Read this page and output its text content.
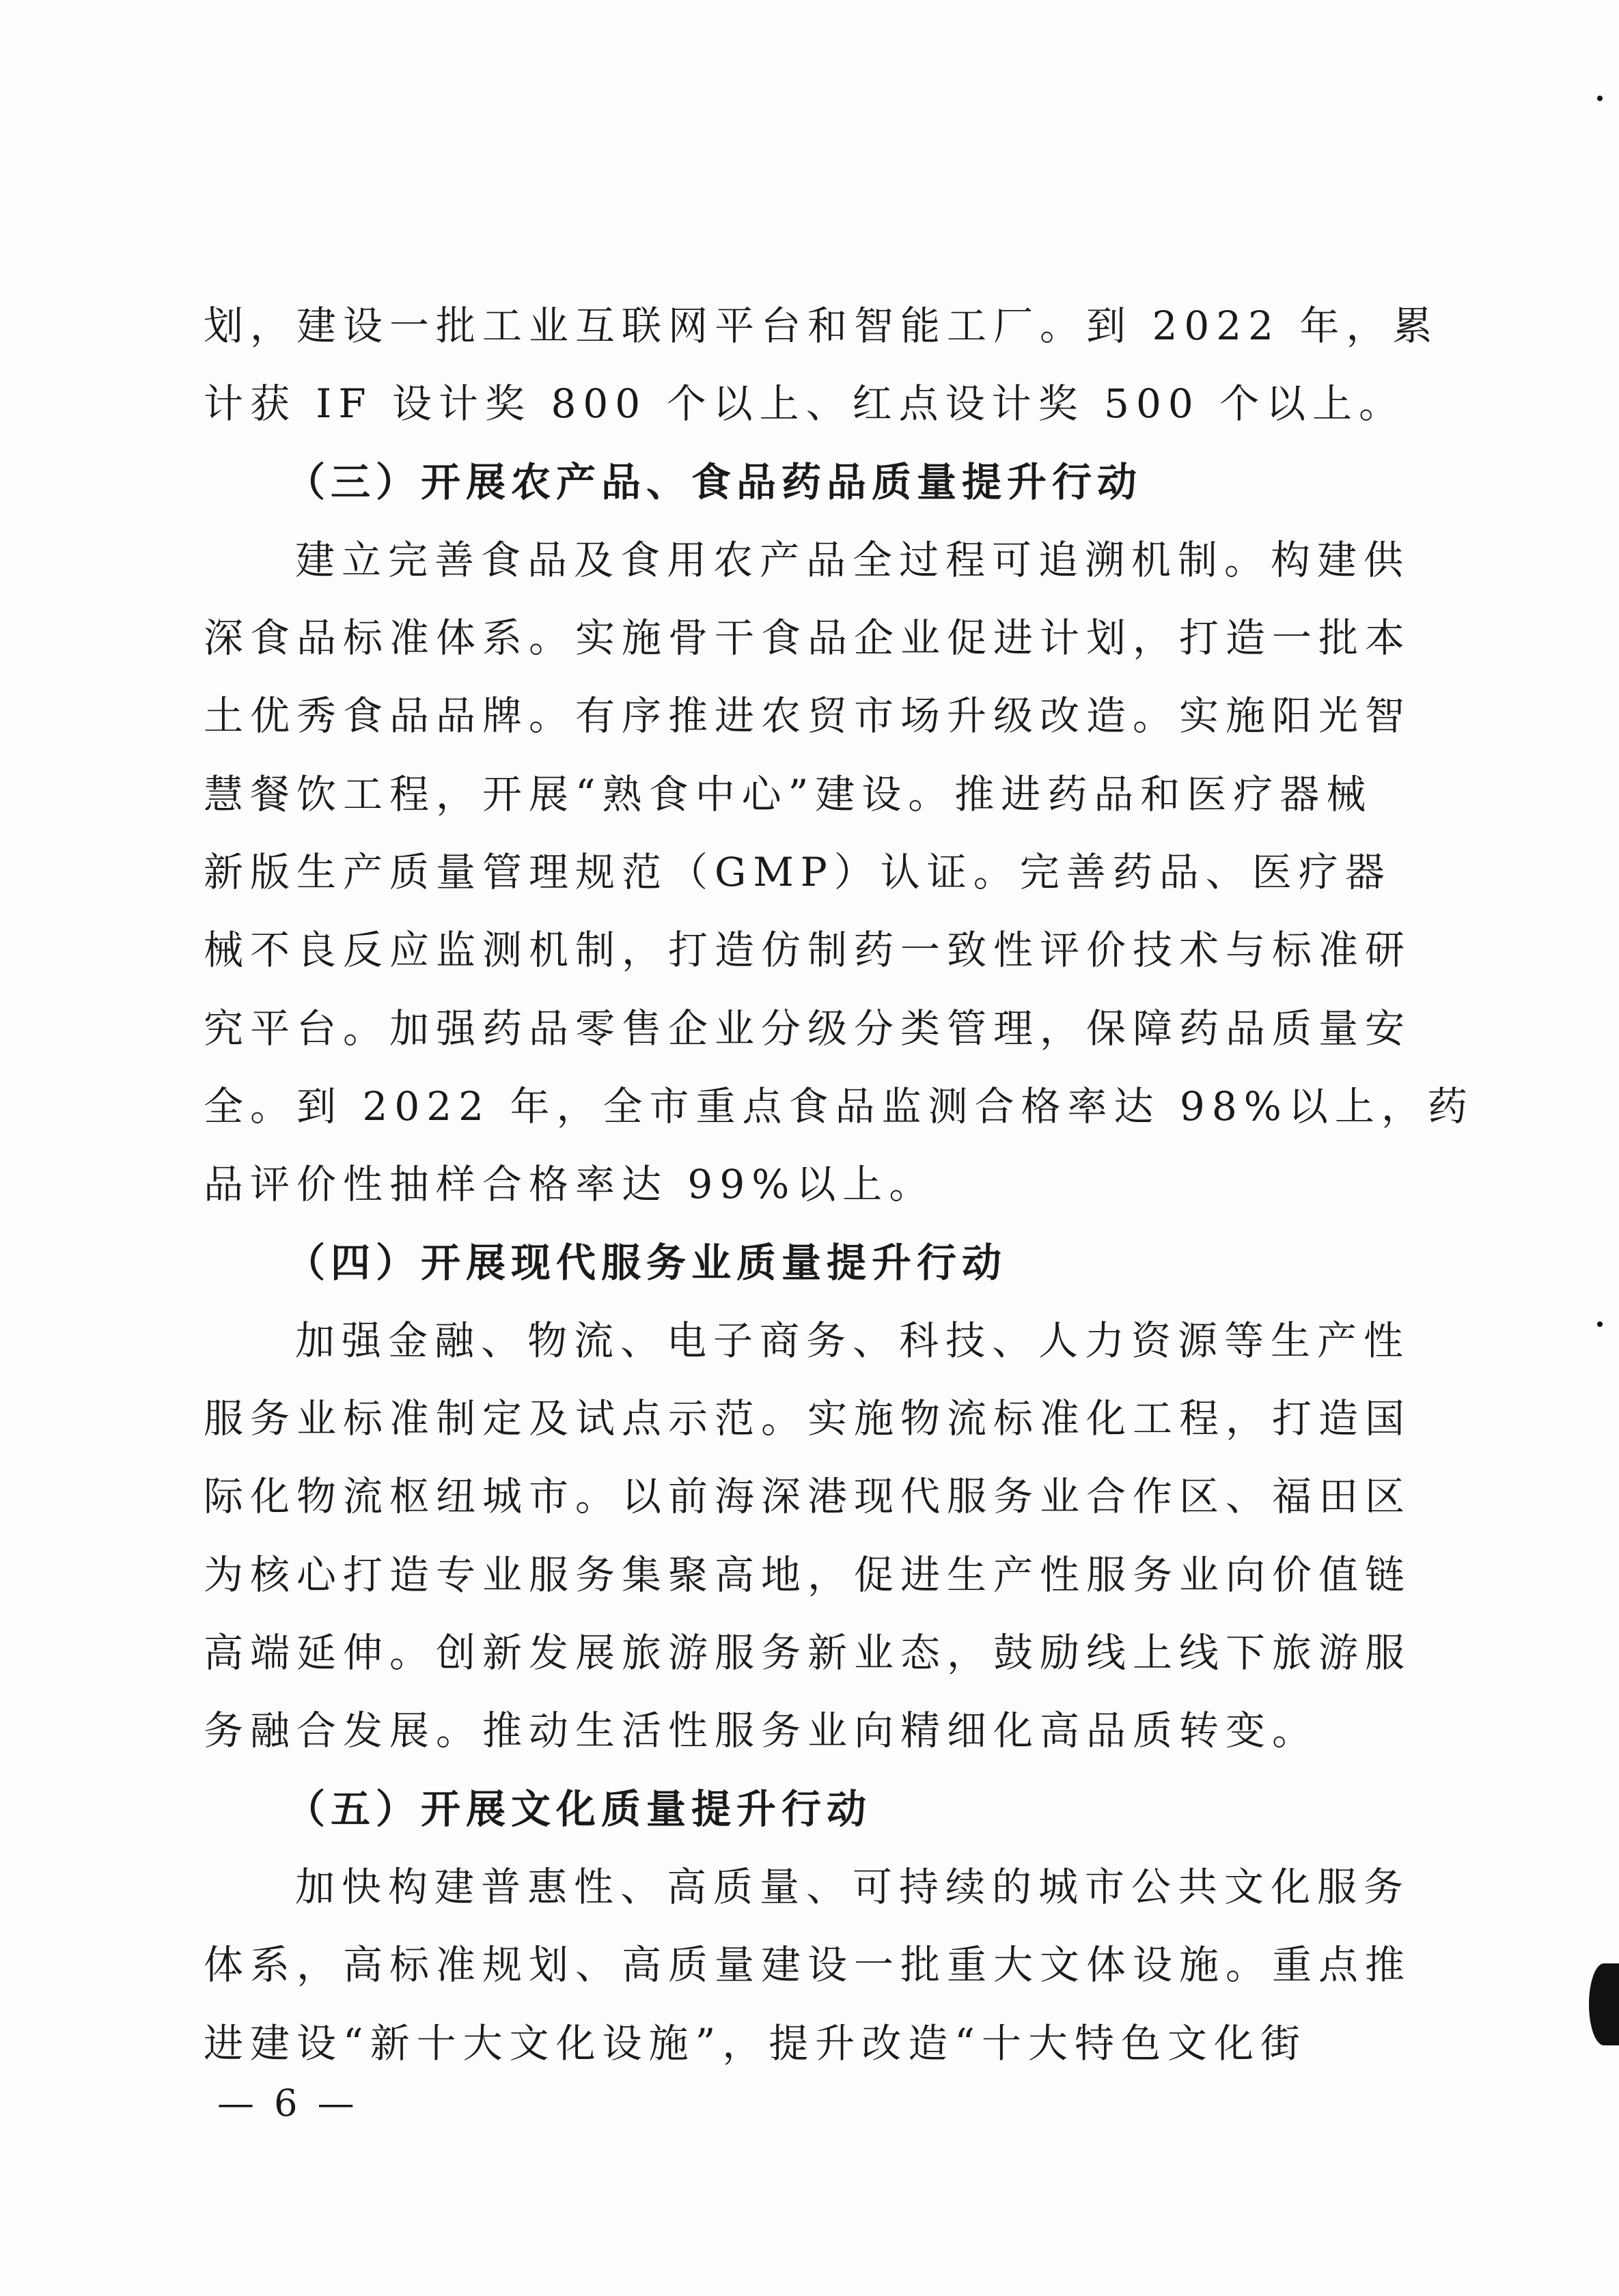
划，建设一批工业互联网平台和智能工厂。到 2022 年，累
计获 IF 设计奖 800 个以上、红点设计奖 500 个以上。
（三）开展农产品、食品药品质量提升行动
建立完善食品及食用农产品全过程可追溯机制。构建供
深食品标准体系。实施骨干食品企业促进计划，打造一批本
土优秀食品品牌。有序推进农贸市场升级改造。实施阳光智
慧餐饮工程，开展“熟食中心”建设。推进药品和医疗器械
新版生产质量管理规范（GMP）认证。完善药品、医疗器
械不良反应监测机制，打造仿制药一致性评价技术与标准研
究平台。加强药品零售企业分级分类管理，保障药品质量安
全。到 2022 年，全市重点食品监测合格率达 98%以上，药
品评价性抽样合格率达 99%以上。
（四）开展现代服务业质量提升行动
加强金融、物流、电子商务、科技、人力资源等生产性
服务业标准制定及试点示范。实施物流标准化工程，打造国
际化物流枢纽城市。以前海深港现代服务业合作区、福田区
为核心打造专业服务集聚高地，促进生产性服务业向价值链
高端延伸。创新发展旅游服务新业态，鼓励线上线下旅游服
务融合发展。推动生活性服务业向精细化高品质转变。
（五）开展文化质量提升行动
加快构建普惠性、高质量、可持续的城市公共文化服务
体系，高标准规划、高质量建设一批重大文体设施。重点推
进建设“新十大文化设施”，提升改造“十大特色文化街
— 6 —
